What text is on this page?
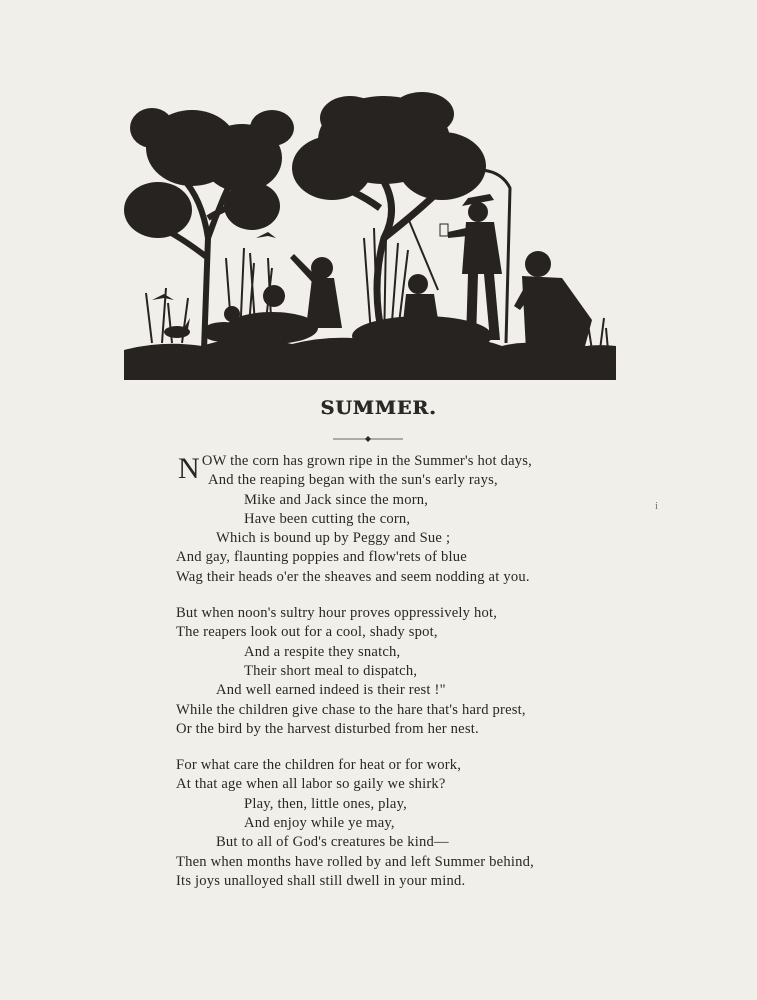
SUMMER.
NOW the corn has grown ripe in the Summer's hot days,
And the reaping began with the sun's early rays,
Mike and Jack since the morn,
Have been cutting the corn,
Which is bound up by Peggy and Sue ;
And gay, flaunting poppies and flow'rets of blue
Wag their heads o'er the sheaves and seem nodding at you.
But when noon's sultry hour proves oppressively hot,
The reapers look out for a cool, shady spot,
And a respite they snatch,
Their short meal to dispatch,
And well earned indeed is their rest !"
While the children give chase to the hare that's hard prest,
Or the bird by the harvest disturbed from her nest.
For what care the children for heat or for work,
At that age when all labor so gaily we shirk?
Play, then, little ones, play,
And enjoy while ye may,
But to all of God's creatures be kind—
Then when months have rolled by and left Summer behind,
Its joys unalloyed shall still dwell in your mind.
i
